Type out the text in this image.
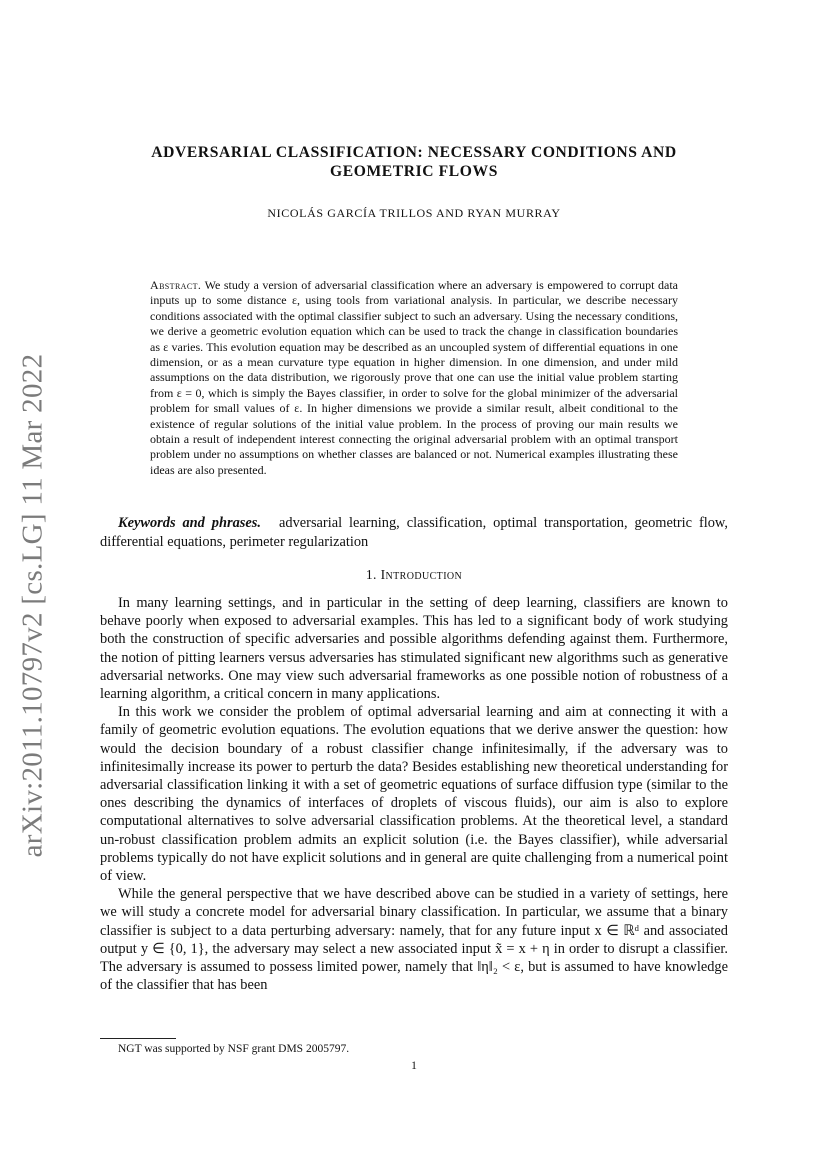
arXiv:2011.10797v2 [cs.LG] 11 Mar 2022
ADVERSARIAL CLASSIFICATION: NECESSARY CONDITIONS AND
GEOMETRIC FLOWS
NICOLÁS GARCÍA TRILLOS AND RYAN MURRAY
Abstract. We study a version of adversarial classification where an adversary is empowered to corrupt data inputs up to some distance ε, using tools from variational analysis. In particular, we describe necessary conditions associated with the optimal classifier subject to such an adversary. Using the necessary conditions, we derive a geometric evolution equation which can be used to track the change in classification boundaries as ε varies. This evolution equation may be described as an uncoupled system of differential equations in one dimension, or as a mean curvature type equation in higher dimension. In one dimension, and under mild assumptions on the data distribution, we rigorously prove that one can use the initial value problem starting from ε = 0, which is simply the Bayes classifier, in order to solve for the global minimizer of the adversarial problem for small values of ε. In higher dimensions we provide a similar result, albeit conditional to the existence of regular solutions of the initial value problem. In the process of proving our main results we obtain a result of independent interest connecting the original adversarial problem with an optimal transport problem under no assumptions on whether classes are balanced or not. Numerical examples illustrating these ideas are also presented.
Keywords and phrases. adversarial learning, classification, optimal transportation, geometric flow, differential equations, perimeter regularization
1. Introduction

In many learning settings, and in particular in the setting of deep learning, classifiers are known to behave poorly when exposed to adversarial examples. This has led to a significant body of work studying both the construction of specific adversaries and possible algorithms defending against them. Furthermore, the notion of pitting learners versus adversaries has stimulated significant new algorithms such as generative adversarial networks. One may view such adversarial frameworks as one possible notion of robustness of a learning algorithm, a critical concern in many applications.

In this work we consider the problem of optimal adversarial learning and aim at connecting it with a family of geometric evolution equations. The evolution equations that we derive answer the question: how would the decision boundary of a robust classifier change infinitesimally, if the adversary was to infinitesimally increase its power to perturb the data? Besides establishing new theoretical understanding for adversarial classification linking it with a set of geometric equations of surface diffusion type (similar to the ones describing the dynamics of interfaces of droplets of viscous fluids), our aim is also to explore computational alternatives to solve adversarial classification problems. At the theoretical level, a standard un-robust classification problem admits an explicit solution (i.e. the Bayes classifier), while adversarial problems typically do not have explicit solutions and in general are quite challenging from a numerical point of view.

While the general perspective that we have described above can be studied in a variety of settings, here we will study a concrete model for adversarial binary classification. In particular, we assume that a binary classifier is subject to a data perturbing adversary: namely, that for any future input x ∈ ℝᵈ and associated output y ∈ {0, 1}, the adversary may select a new associated input x̃ = x + η in order to disrupt a classifier. The adversary is assumed to possess limited power, namely that ‖η‖₂ < ε, but is assumed to have knowledge of the classifier that has been

NGT was supported by NSF grant DMS 2005797.
1
